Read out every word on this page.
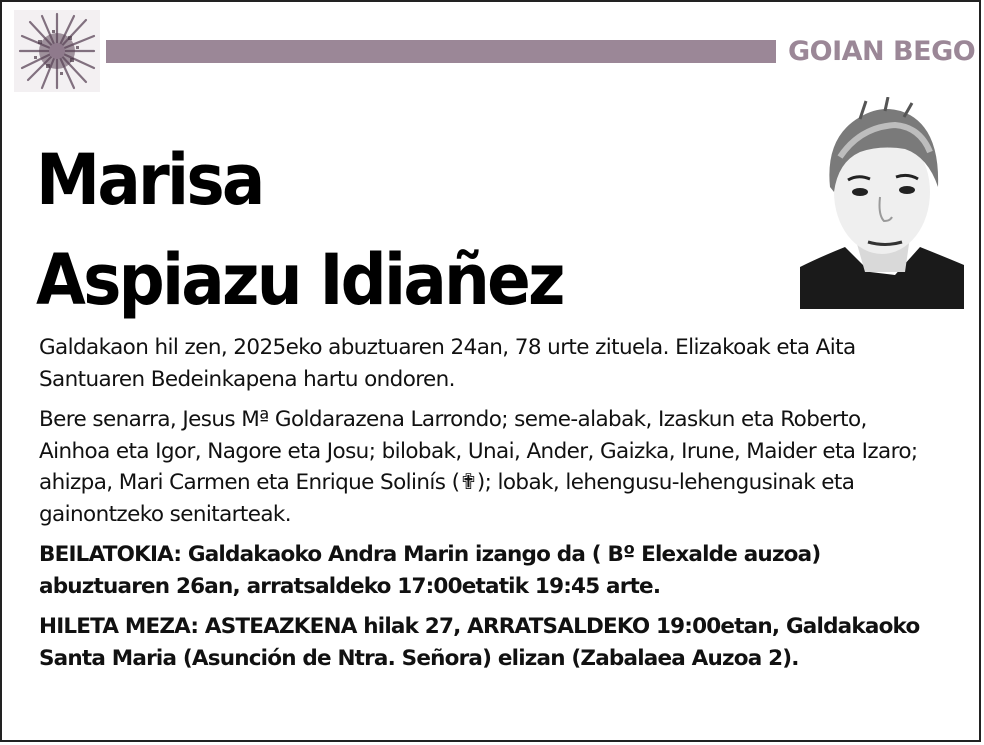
GOIAN BEGO
Marisa
Aspiazu Idiañez

Galdakaon hil zen, 2025eko abuztuaren 24an, 78 urte zituela. Elizakoak eta Aita Santuaren Bedeinkapena hartu ondoren.

Bere senarra, Jesus Mª Goldarazena Larrondo; seme-alabak, Izaskun eta Roberto, Ainhoa eta Igor, Nagore eta Josu; bilobak, Unai, Ander, Gaizka, Irune, Maider eta Izaro; ahizpa, Mari Carmen eta Enrique Solinís (✟); lobak, lehengusu-lehengusinak eta gainontzeko senitarteak.

BEILATOKIA: Galdakaoko Andra Marin izango da ( Bº Elexalde auzoa) abuztuaren 26an, arratsaldeko 17:00etatik 19:45 arte.

HILETA MEZA: ASTEAZKENA hilak 27, ARRATSALDEKO 19:00etan, Galdakaoko Santa Maria (Asunción de Ntra. Señora) elizan (Zabalaea Auzoa 2).
